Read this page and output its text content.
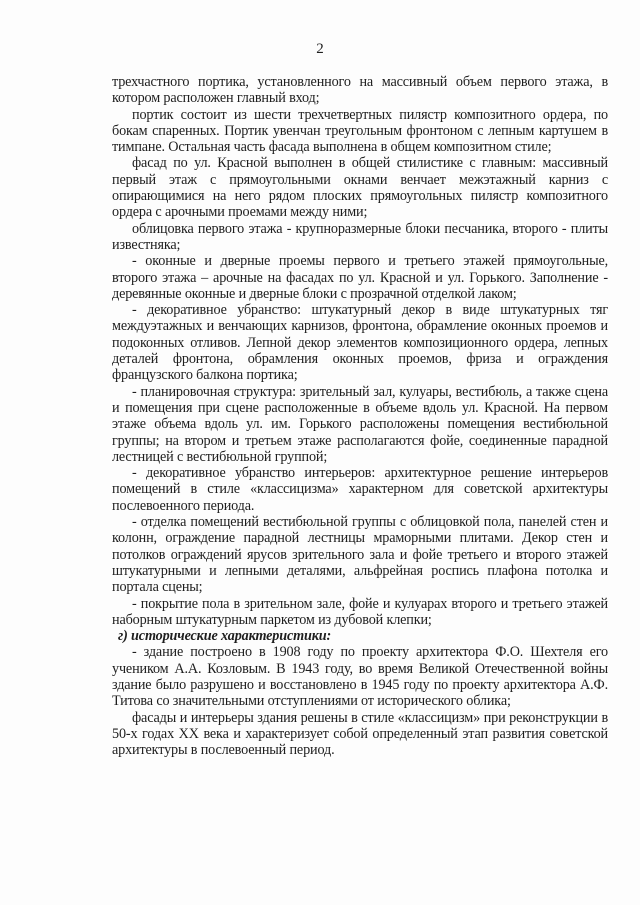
2

трехчастного портика, установленного на массивный объем первого этажа, в котором расположен главный вход;

портик состоит из шести трехчетвертных пилястр композитного ордера, по бокам спаренных. Портик увенчан треугольным фронтоном с лепным картушем в тимпане. Остальная часть фасада выполнена в общем композитном стиле;

фасад по ул. Красной выполнен в общей стилистике с главным: массивный первый этаж с прямоугольными окнами венчает межэтажный карниз с опирающимися на него рядом плоских прямоугольных пилястр композитного ордера с арочными проемами между ними;

облицовка первого этажа - крупноразмерные блоки песчаника, второго - плиты известняка;

- оконные и дверные проемы первого и третьего этажей прямоугольные, второго этажа – арочные на фасадах по ул. Красной и ул. Горького. Заполнение - деревянные оконные и дверные блоки с прозрачной отделкой лаком;

- декоративное убранство: штукатурный декор в виде штукатурных тяг междуэтажных и венчающих карнизов, фронтона, обрамление оконных проемов и подоконных отливов. Лепной декор элементов композиционного ордера, лепных деталей фронтона, обрамления оконных проемов, фриза и ограждения французского балкона портика;

- планировочная структура: зрительный зал, кулуары, вестибюль, а также сцена и помещения при сцене расположенные в объеме вдоль ул. Красной. На первом этаже объема вдоль ул. им. Горького расположены помещения вестибюльной группы; на втором и третьем этаже располагаются фойе, соединенные парадной лестницей с вестибюльной группой;

- декоративное убранство интерьеров: архитектурное решение интерьеров помещений в стиле «классицизма» характерном для советской архитектуры послевоенного периода.

- отделка помещений вестибюльной группы с облицовкой пола, панелей стен и колонн, ограждение парадной лестницы мраморными плитами. Декор стен и потолков ограждений ярусов зрительного зала и фойе третьего и второго этажей штукатурными и лепными деталями, альфрейная роспись плафона потолка и портала сцены;

- покрытие пола в зрительном зале, фойе и кулуарах второго и третьего этажей наборным штукатурным паркетом из дубовой клепки;

г) исторические характеристики:

- здание построено в 1908 году по проекту архитектора Ф.О. Шехтеля его учеником А.А. Козловым. В 1943 году, во время Великой Отечественной войны здание было разрушено и восстановлено в 1945 году по проекту архитектора А.Ф. Титова со значительными отступлениями от исторического облика;

фасады и интерьеры здания решены в стиле «классицизм» при реконструкции в 50-х годах XX века и характеризует собой определенный этап развития советской архитектуры в послевоенный период.
